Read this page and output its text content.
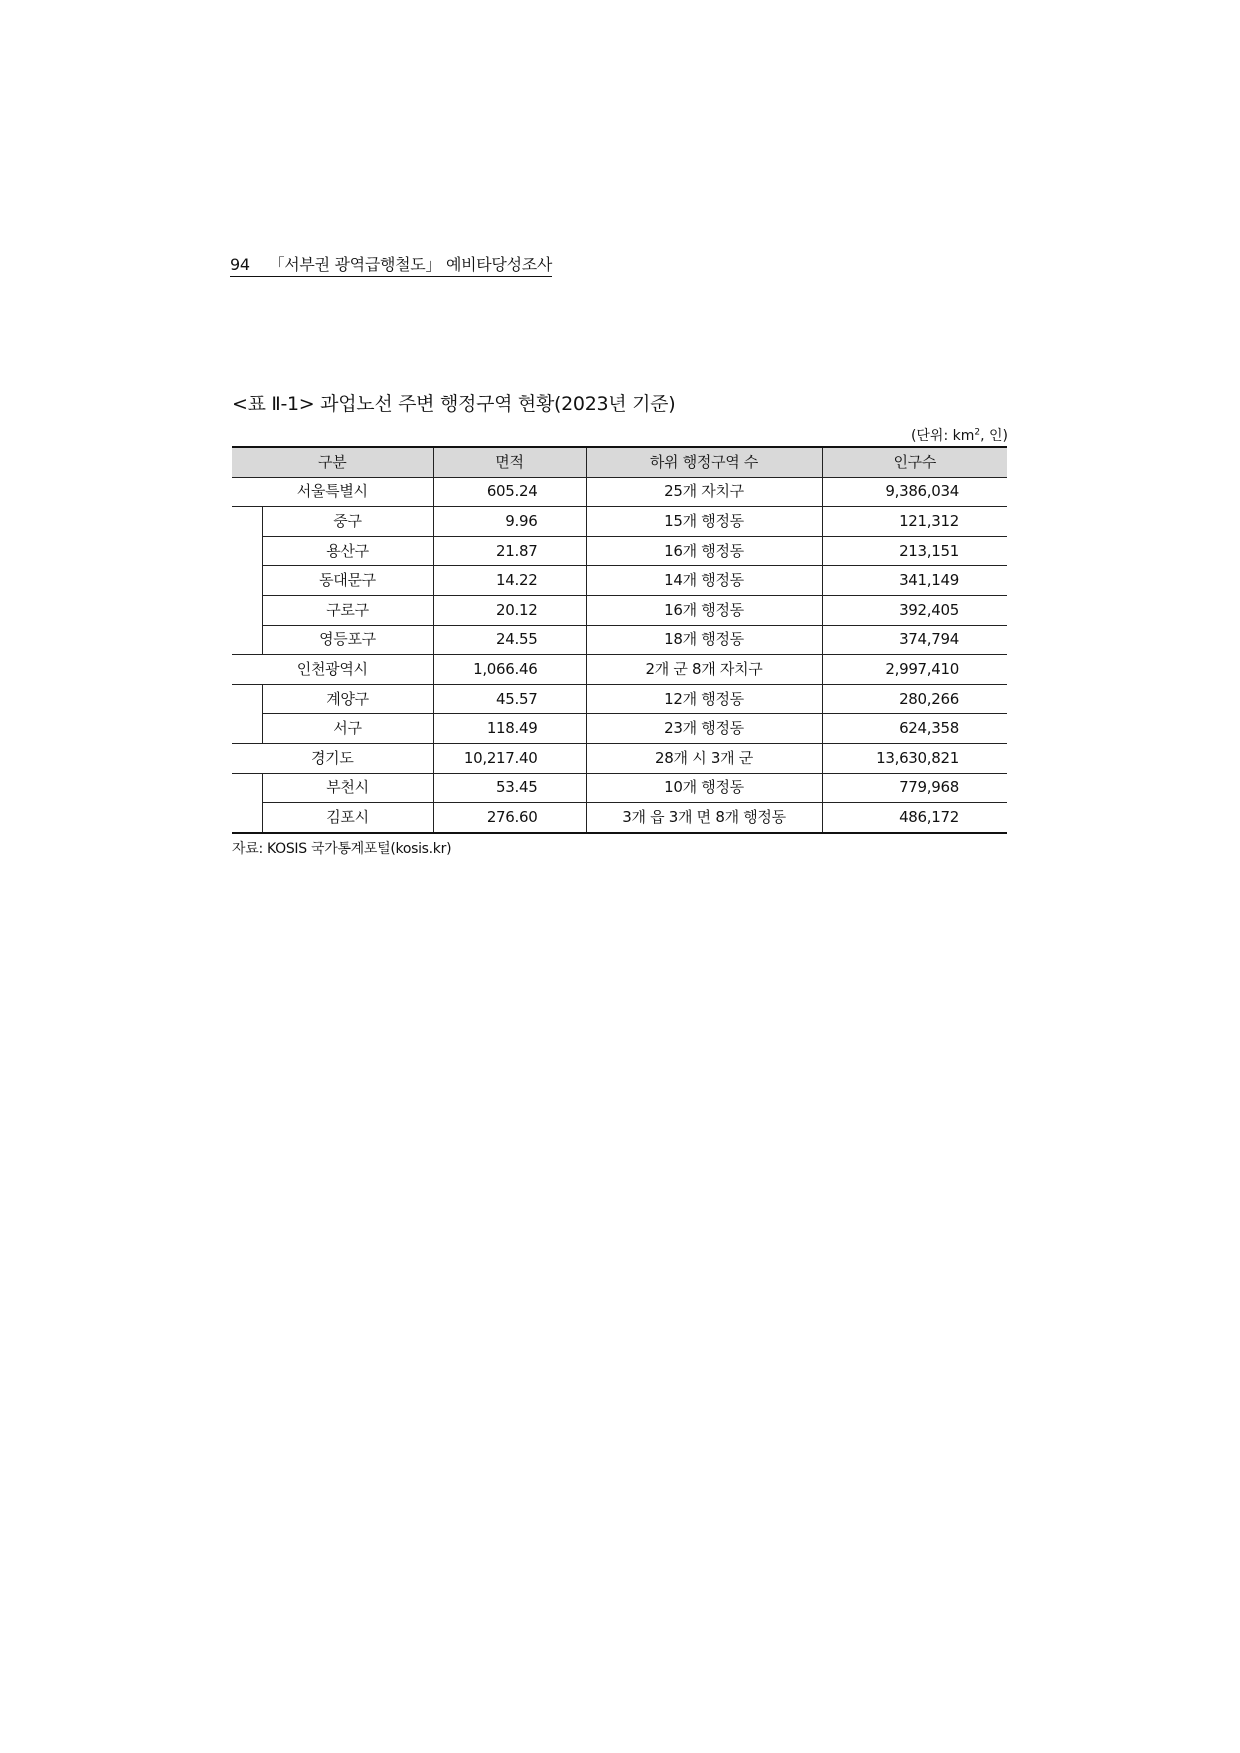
94 「서부권 광역급행철도」 예비타당성조사
<표 Ⅱ-1> 과업노선 주변 행정구역 현황(2023년 기준)
(단위: $km^2$, 인)
구분		면적	하위 행정구역 수	인구수
서울특별시		605.24	25개 자치구	9,386,034
	중구	9.96	15개 행정동	121,312
	용산구	21.87	16개 행정동	213,151
	동대문구	14.22	14개 행정동	341,149
	구로구	20.12	16개 행정동	392,405
	영등포구	24.55	18개 행정동	374,794
인천광역시		1,066.46	2개 군 8개 자치구	2,997,410
	계양구	45.57	12개 행정동	280,266
	서구	118.49	23개 행정동	624,358
경기도		10,217.40	28개 시 3개 군	13,630,821
	부천시	53.45	10개 행정동	779,968
	김포시	276.60	3개 읍 3개 면 8개 행정동	486,172
자료: KOSIS 국가통계포털(kosis.kr)
